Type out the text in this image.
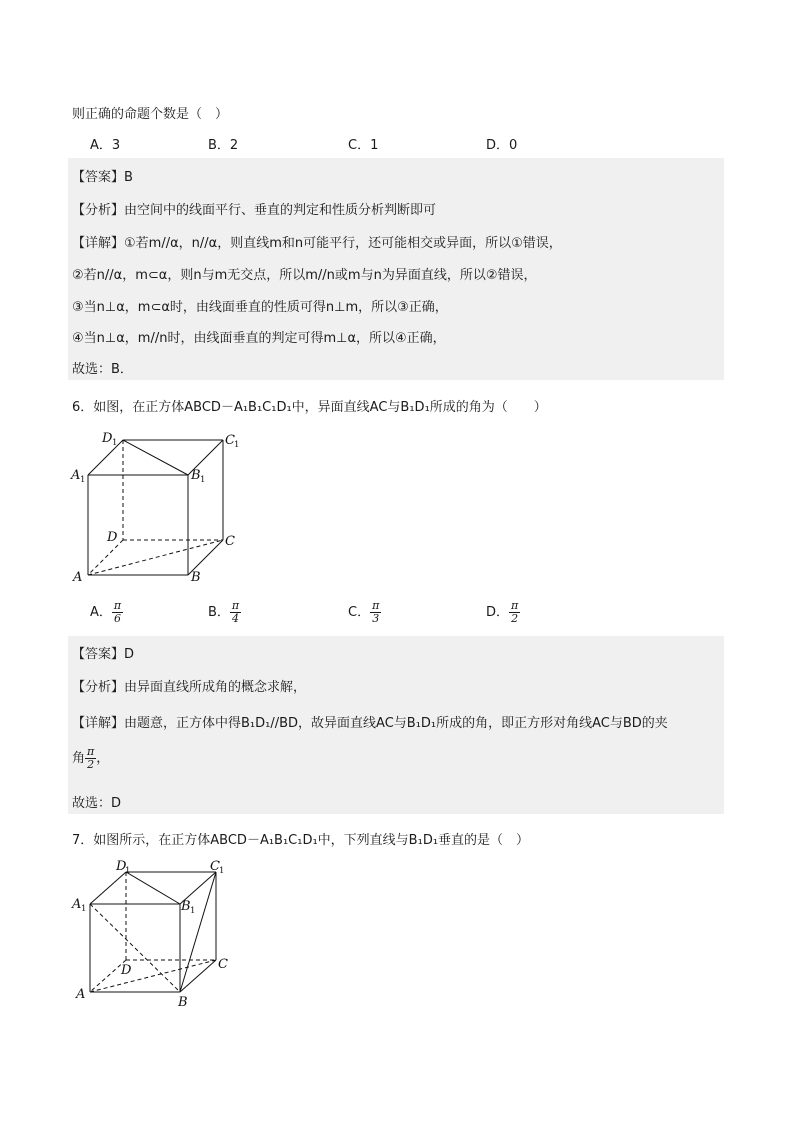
则正确的命题个数是（　）
A．3	B．2	C．1	D．0
【答案】B
【分析】由空间中的线面平行、垂直的判定和性质分析判断即可
【详解】①若m//α，n//α，则直线m和n可能平行，还可能相交或异面，所以①错误，
②若n//α，m⊂α，则n与m无交点，所以m//n或m与n为异面直线，所以②错误，
③当n⊥α，m⊂α时，由线面垂直的性质可得n⊥m，所以③正确，
④当n⊥α，m//n时，由线面垂直的判定可得m⊥α，所以④正确，
故选：B．
6．如图，在正方体ABCD－A₁B₁C₁D₁中，异面直线AC与B₁D₁所成的角为（　　）
D 1	C 1
A 1	B 1
D	C
A	B
A． $\frac{\pi}{6}$	B． $\frac{\pi}{4}$	C． $\frac{\pi}{3}$	D． $\frac{\pi}{2}$
【答案】D
【分析】由异面直线所成角的概念求解，
【详解】由题意，正方体中得B₁D₁//BD，故异面直线AC与B₁D₁所成的角，即正方形对角线AC与BD的夹
角 $\frac{\pi}{2}$ ，
故选：D
7．如图所示，在正方体ABCD－A₁B₁C₁D₁中，下列直线与B₁D₁垂直的是（　）
D
1	C 1
A 1	B 1
D	C
A
B
